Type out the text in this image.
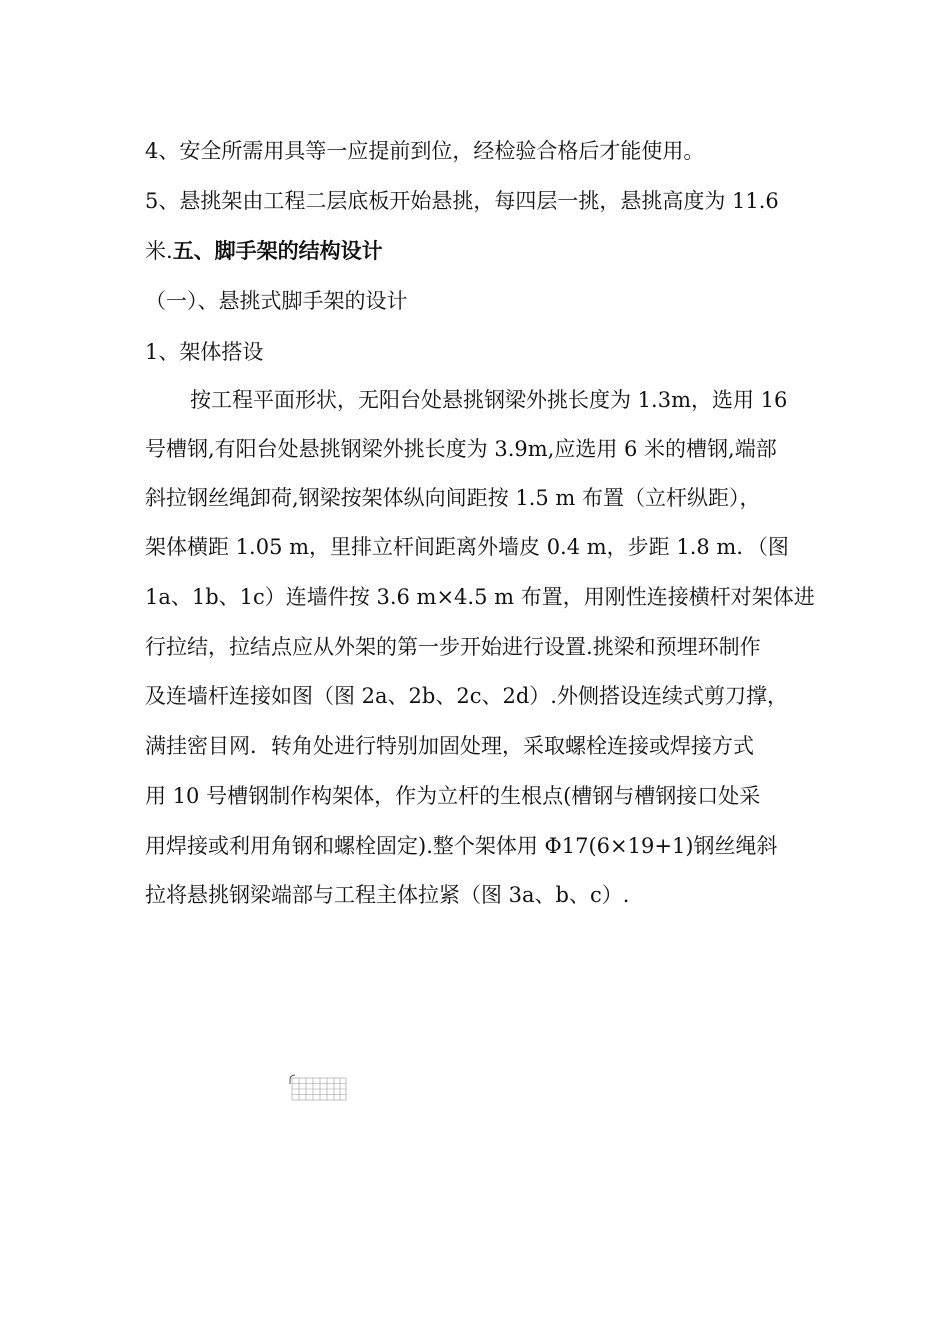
4、安全所需用具等一应提前到位，经检验合格后才能使用。
5、悬挑架由工程二层底板开始悬挑，每四层一挑，悬挑高度为 11.6
米.五、脚手架的结构设计
（一）、悬挑式脚手架的设计
1、架体搭设
按工程平面形状，无阳台处悬挑钢梁外挑长度为 1.3m，选用 16
号槽钢,有阳台处悬挑钢梁外挑长度为 3.9m,应选用 6 米的槽钢,端部
斜拉钢丝绳卸荷,钢梁按架体纵向间距按 1.5 m 布置（立杆纵距），
架体横距 1.05 m，里排立杆间距离外墙皮 0.4 m，步距 1.8 m．（图
1a、1b、1c）连墙件按 3.6 m×4.5 m 布置，用刚性连接横杆对架体进
行拉结，拉结点应从外架的第一步开始进行设置.挑梁和预埋环制作
及连墙杆连接如图（图 2a、2b、2c、2d）.外侧搭设连续式剪刀撑，
满挂密目网．转角处进行特别加固处理，采取螺栓连接或焊接方式
用 10 号槽钢制作构架体，作为立杆的生根点(槽钢与槽钢接口处采
用焊接或利用角钢和螺栓固定).整个架体用 Φ17(6×19+1)钢丝绳斜
拉将悬挑钢梁端部与工程主体拉紧（图 3a、b、c）.
